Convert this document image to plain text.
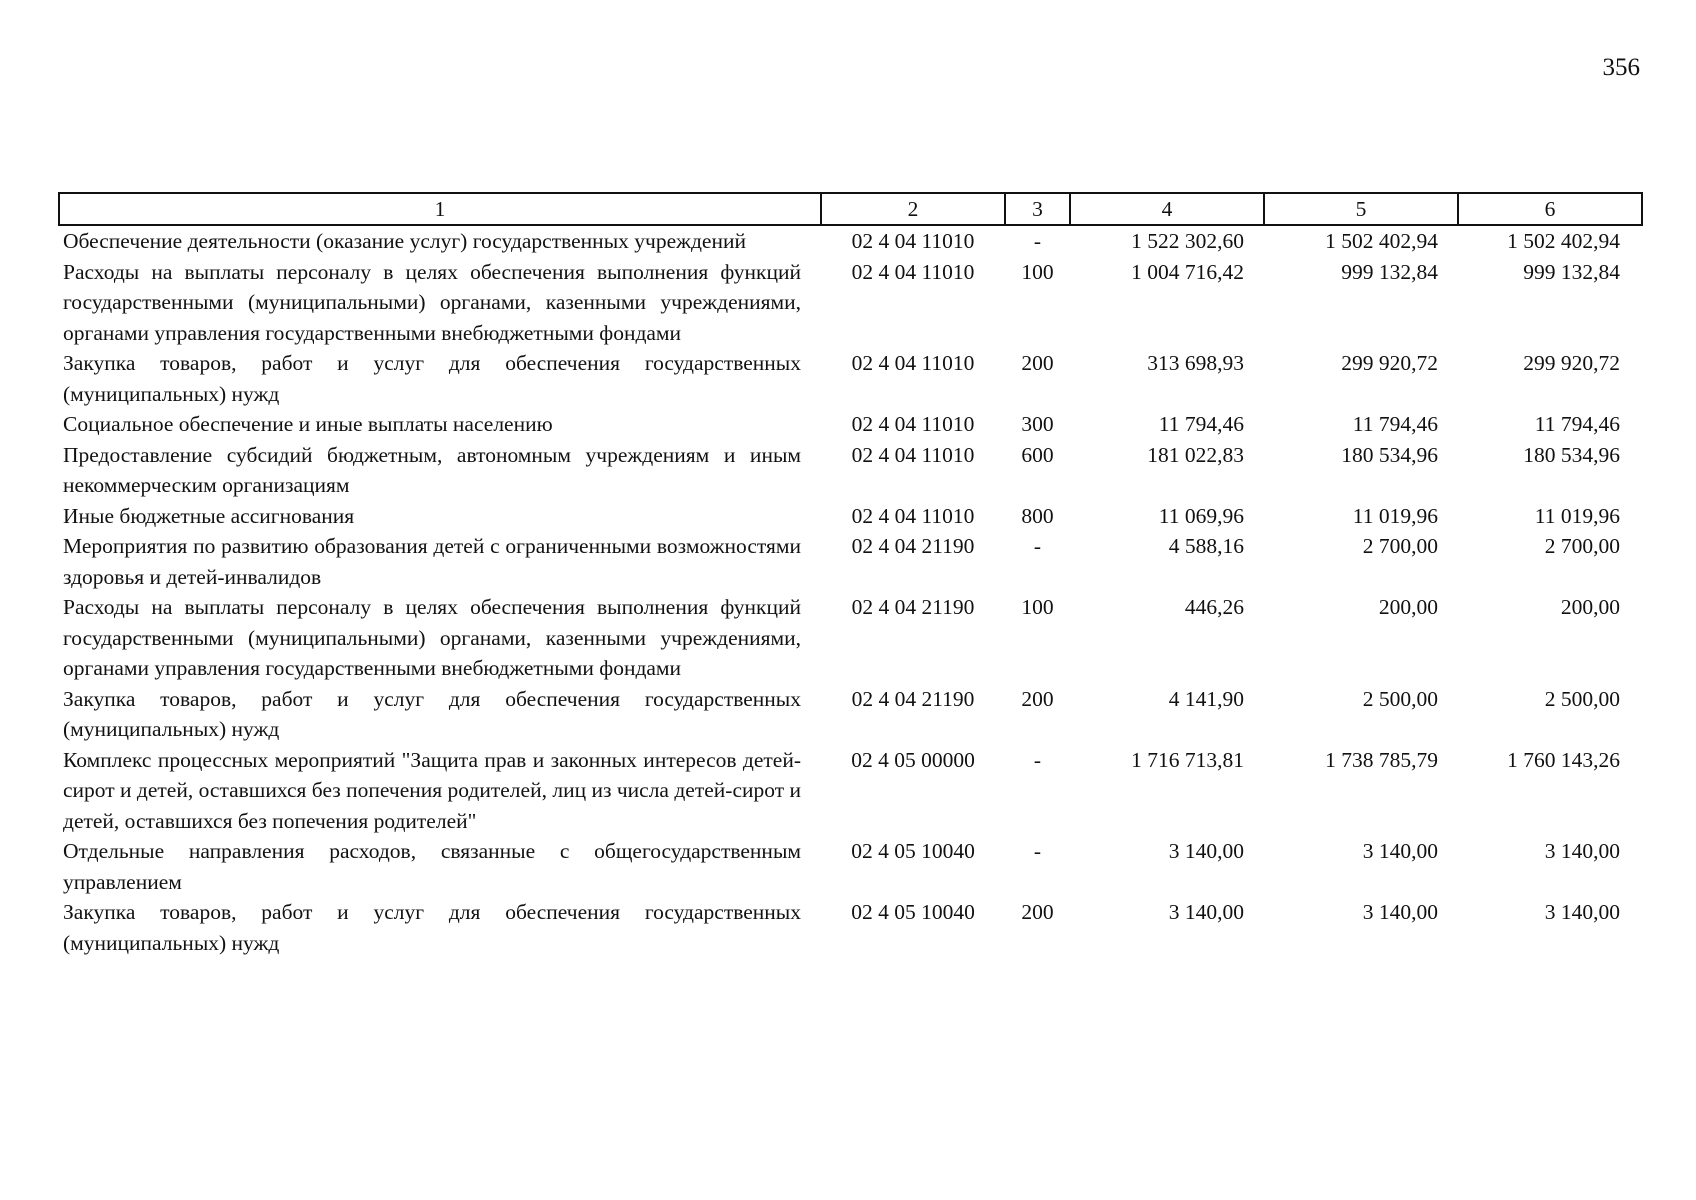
356
1	2	3	4	5	6
Обеспечение деятельности (оказание услуг) государственных учреждений	02 4 04 11010	-	1 522 302,60	1 502 402,94	1 502 402,94
Расходы на выплаты персоналу в целях обеспечения выполнения функций государственными (муниципальными) органами, казенными учреждениями, органами управления государственными внебюджетными фондами	02 4 04 11010	100	1 004 716,42	999 132,84	999 132,84
Закупка товаров, работ и услуг для обеспечения государственных (муниципальных) нужд	02 4 04 11010	200	313 698,93	299 920,72	299 920,72
Социальное обеспечение и иные выплаты населению	02 4 04 11010	300	11 794,46	11 794,46	11 794,46
Предоставление субсидий бюджетным, автономным учреждениям и иным некоммерческим организациям	02 4 04 11010	600	181 022,83	180 534,96	180 534,96
Иные бюджетные ассигнования	02 4 04 11010	800	11 069,96	11 019,96	11 019,96
Мероприятия по развитию образования детей с ограниченными возможностями здоровья и детей-инвалидов	02 4 04 21190	-	4 588,16	2 700,00	2 700,00
Расходы на выплаты персоналу в целях обеспечения выполнения функций государственными (муниципальными) органами, казенными учреждениями, органами управления государственными внебюджетными фондами	02 4 04 21190	100	446,26	200,00	200,00
Закупка товаров, работ и услуг для обеспечения государственных (муниципальных) нужд	02 4 04 21190	200	4 141,90	2 500,00	2 500,00
Комплекс процессных мероприятий "Защита прав и законных интересов детей-сирот и детей, оставшихся без попечения родителей, лиц из числа детей-сирот и детей, оставшихся без попечения родителей"	02 4 05 00000	-	1 716 713,81	1 738 785,79	1 760 143,26
Отдельные направления расходов, связанные с общегосударственным управлением	02 4 05 10040	-	3 140,00	3 140,00	3 140,00
Закупка товаров, работ и услуг для обеспечения государственных (муниципальных) нужд	02 4 05 10040	200	3 140,00	3 140,00	3 140,00
